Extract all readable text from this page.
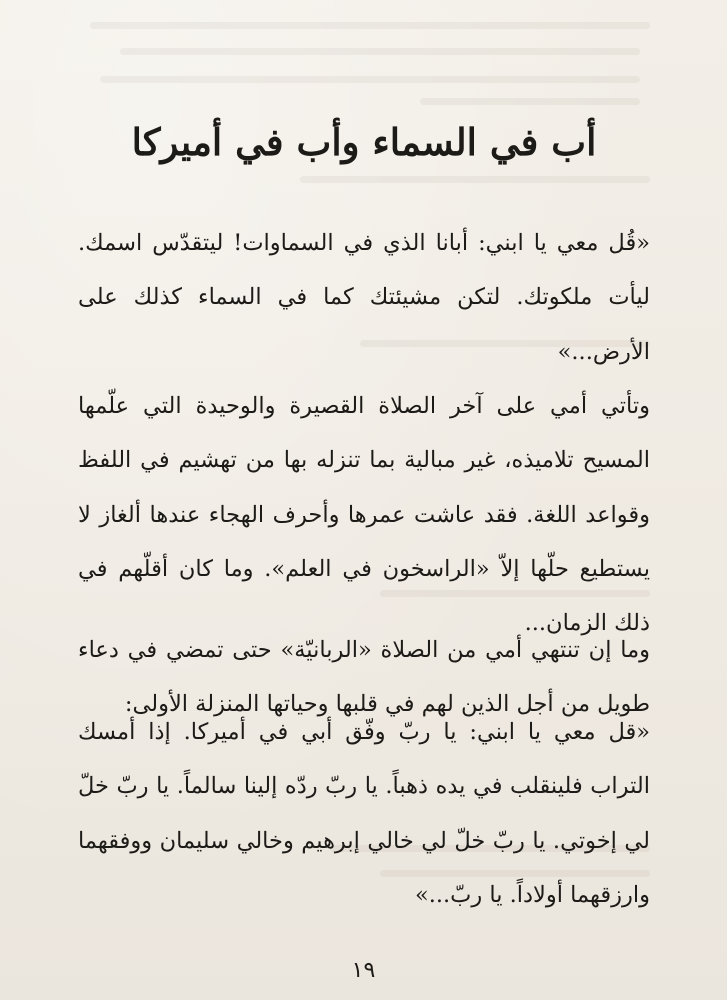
أب في السماء وأب في أميركا

«قُل معي يا ابني: أبانا الذي في السماوات! ليتقدّس اسمك. ليأت ملكوتك. لتكن مشيئتك كما في السماء كذلك على الأرض...»

وتأتي أمي على آخر الصلاة القصيرة والوحيدة التي علّمها المسيح تلاميذه، غير مبالية بما تنزله بها من تهشيم في اللفظ وقواعد اللغة. فقد عاشت عمرها وأحرف الهجاء عندها ألغاز لا يستطيع حلّها إلاّ «الراسخون في العلم». وما كان أقلّهم في ذلك الزمان...

وما إن تنتهي أمي من الصلاة «الربانيّة» حتى تمضي في دعاء طويل من أجل الذين لهم في قلبها وحياتها المنزلة الأولى:

«قل معي يا ابني: يا ربّ وفّق أبي في أميركا. إذا أمسك التراب فلينقلب في يده ذهباً. يا ربّ ردّه إلينا سالماً. يا ربّ خلّ لي إخوتي. يا ربّ خلّ لي خالي إبرهيم وخالي سليمان ووفقهما وارزقهما أولاداً. يا ربّ...»

١٩
